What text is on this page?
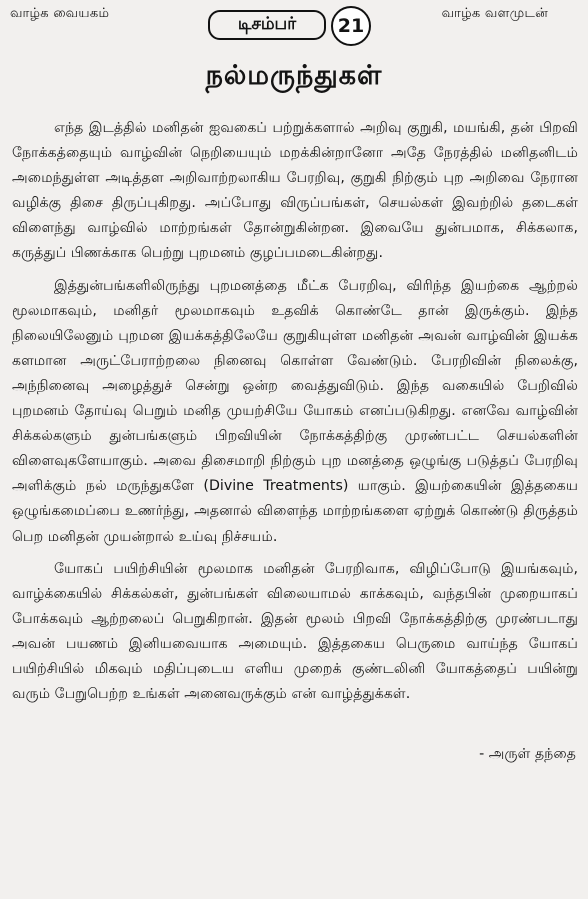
வாழ்க வையகம்
டிசம்பர்	21
வாழ்க வளமுடன்
நல்மருந்துகள்

எந்த இடத்தில் மனிதன் ஐவகைப் பற்றுக்களால் அறிவு குறுகி, மயங்கி, தன் பிறவி நோக்கத்தையும் வாழ்வின் நெறியையும் மறக்கின்றானோ அதே நேரத்தில் மனிதனிடம் அமைந்துள்ள அடித்தள அறிவாற்றலாகிய பேரறிவு, குறுகி நிற்கும் புற அறிவை நேரான வழிக்கு திசை திருப்புகிறது. அப்போது விருப்பங்கள், செயல்கள் இவற்றில் தடைகள் விளைந்து வாழ்வில் மாற்றங்கள் தோன்றுகின்றன. இவையே துன்பமாக, சிக்கலாக, கருத்துப் பிணக்காக பெற்று புறமனம் குழப்பமடைகின்றது.

இத்துன்பங்களிலிருந்து புறமனத்தை மீட்க பேரறிவு, விரிந்த இயற்கை ஆற்றல் மூலமாகவும், மனிதர் மூலமாகவும் உதவிக் கொண்டே தான் இருக்கும். இந்த நிலையிலேனும் புறமன இயக்கத்திலேயே குறுகியுள்ள மனிதன் அவன் வாழ்வின் இயக்க களமான அருட்பேராற்றலை நினைவு கொள்ள வேண்டும். பேரறிவின் நிலைக்கு, அந்நினைவு அழைத்துச் சென்று ஒன்ற வைத்துவிடும். இந்த வகையில் பேறிவில் புறமனம் தோய்வு பெறும் மனித முயற்சியே யோகம் எனப்படுகிறது. எனவே வாழ்வின் சிக்கல்களும் துன்பங்களும் பிறவியின் நோக்கத்திற்கு முரண்பட்ட செயல்களின் விளைவுகளேயாகும். அவை திசைமாறி நிற்கும் புற மனத்தை ஒழுங்கு படுத்தப் பேரறிவு அளிக்கும் நல் மருந்துகளே (Divine Treatments) யாகும். இயற்கையின் இத்தகைய ஒழுங்கமைப்பை உணர்ந்து, அதனால் விளைந்த மாற்றங்களை ஏற்றுக் கொண்டு திருத்தம் பெற மனிதன் முயன்றால் உய்வு நிச்சயம்.

யோகப் பயிற்சியின் மூலமாக மனிதன் பேரறிவாக, விழிப்போடு இயங்கவும், வாழ்க்கையில் சிக்கல்கள், துன்பங்கள் விலையாமல் காக்கவும், வந்தபின் முறையாகப் போக்கவும் ஆற்றலைப் பெறுகிறான். இதன் மூலம் பிறவி நோக்கத்திற்கு முரண்படாது அவன் பயணம் இனியவையாக அமையும். இத்தகைய பெருமை வாய்ந்த யோகப் பயிற்சியில் மிகவும் மதிப்புடைய எளிய முறைக் குண்டலினி யோகத்தைப் பயின்று வரும் பேறுபெற்ற உங்கள் அனைவருக்கும் என் வாழ்த்துக்கள்.

- அருள் தந்தை
